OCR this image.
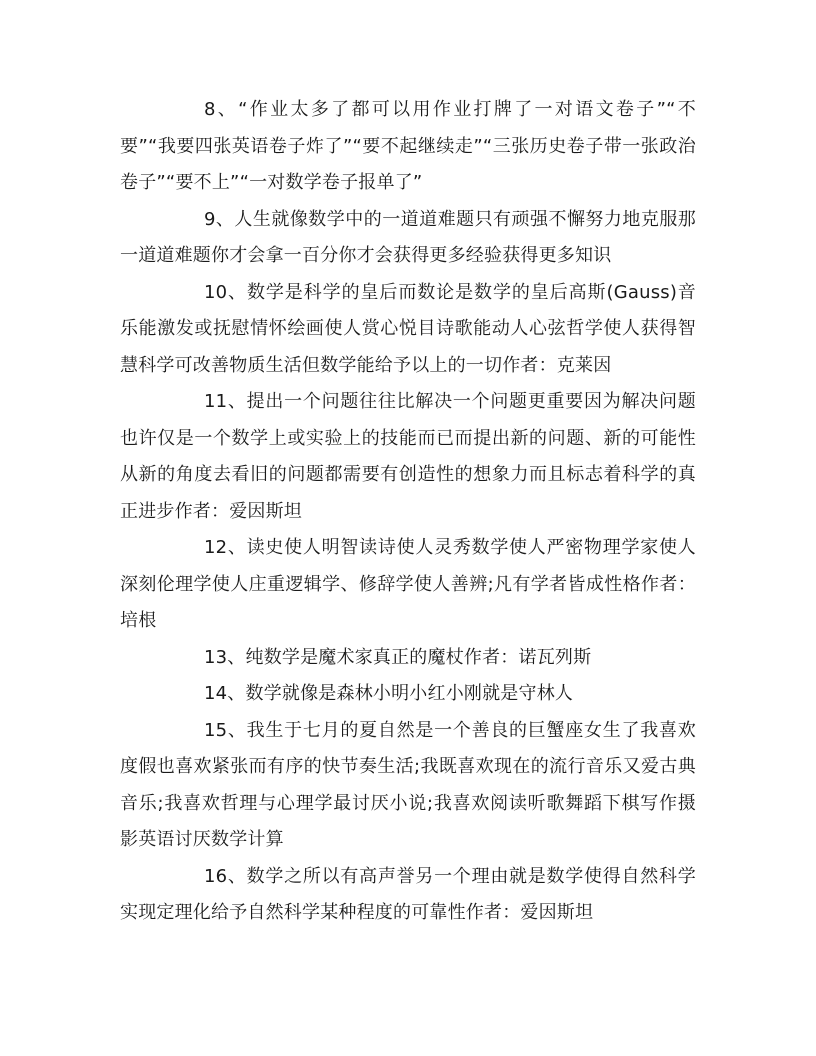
8、“作业太多了都可以用作业打牌了一对语文卷子”“不要”“我要四张英语卷子炸了”“要不起继续走”“三张历史卷子带一张政治卷子”“要不上”“一对数学卷子报单了”

9、人生就像数学中的一道道难题只有顽强不懈努力地克服那一道道难题你才会拿一百分你才会获得更多经验获得更多知识

10、数学是科学的皇后而数论是数学的皇后高斯(Gauss)音乐能激发或抚慰情怀绘画使人赏心悦目诗歌能动人心弦哲学使人获得智慧科学可改善物质生活但数学能给予以上的一切作者：克莱因

11、提出一个问题往往比解决一个问题更重要因为解决问题也许仅是一个数学上或实验上的技能而已而提出新的问题、新的可能性从新的角度去看旧的问题都需要有创造性的想象力而且标志着科学的真正进步作者：爱因斯坦

12、读史使人明智读诗使人灵秀数学使人严密物理学家使人深刻伦理学使人庄重逻辑学、修辞学使人善辨;凡有学者皆成性格作者：培根

13、纯数学是魔术家真正的魔杖作者：诺瓦列斯

14、数学就像是森林小明小红小刚就是守林人

15、我生于七月的夏自然是一个善良的巨蟹座女生了我喜欢度假也喜欢紧张而有序的快节奏生活;我既喜欢现在的流行音乐又爱古典音乐;我喜欢哲理与心理学最讨厌小说;我喜欢阅读听歌舞蹈下棋写作摄影英语讨厌数学计算

16、数学之所以有高声誉另一个理由就是数学使得自然科学实现定理化给予自然科学某种程度的可靠性作者：爱因斯坦
